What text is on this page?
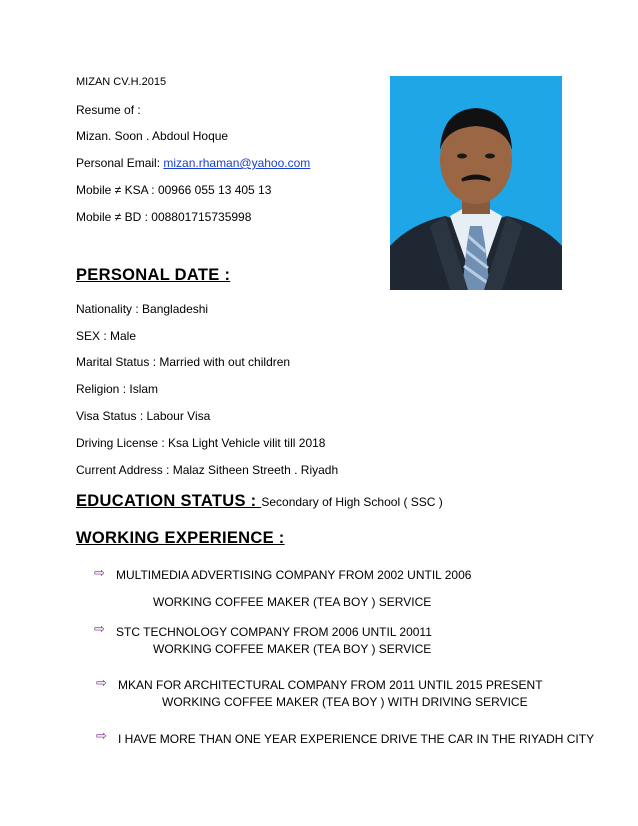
MIZAN CV.H.2015
Resume of :
Mizan. Soon . Abdoul Hoque
Personal Email: mizan.rhaman@yahoo.com
Mobile ≠ KSA : 00966 055 13 405 13
Mobile ≠ BD : 008801715735998
PERSONAL DATE :
Nationality : Bangladeshi
SEX : Male
Marital Status : Married with out children
Religion : Islam
Visa Status : Labour Visa
Driving License : Ksa Light Vehicle vilit till 2018
Current Address : Malaz Sitheen Streeth . Riyadh
EDUCATION STATUS : Secondary of High School ( SSC )
WORKING EXPERIENCE :
⇨ MULTIMEDIA ADVERTISING COMPANY FROM 2002 UNTIL 2006
WORKING COFFEE MAKER (TEA BOY ) SERVICE
⇨ STC TECHNOLOGY COMPANY FROM 2006 UNTIL 20011
WORKING COFFEE MAKER (TEA BOY ) SERVICE
⇨ MKAN FOR ARCHITECTURAL COMPANY FROM 2011 UNTIL 2015 PRESENT
WORKING COFFEE MAKER (TEA BOY ) WITH DRIVING SERVICE
⇨ I HAVE MORE THAN ONE YEAR EXPERIENCE DRIVE THE CAR IN THE RIYADH CITY
